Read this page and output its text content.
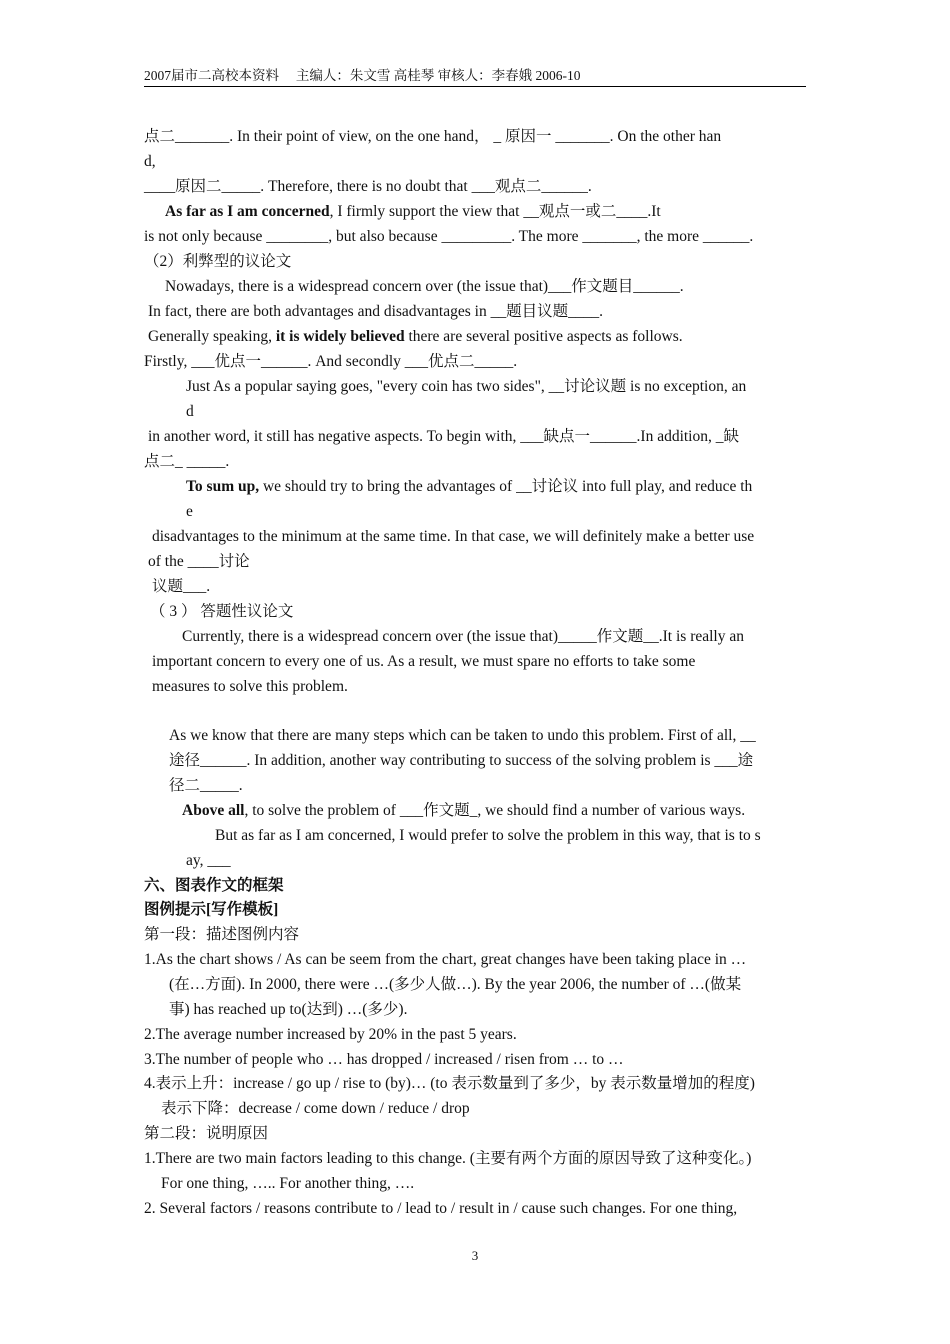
2007届市二高校本资料　 主编人：朱文雪 高桂琴 审核人：李春娥 2006-10
点二_______. In their point of view, on the one hand， _ 原因一 _______. On the other han
d,
____原因二_____. Therefore, there is no doubt that ___观点二______.
As far as I am concerned, I firmly support the view that __观点一或二____.It
is not only because ________, but also because _________. The more _______, the more ______.
（2）利弊型的议论文
Nowadays, there is a widespread concern over (the issue that)___作文题目______.
In fact, there are both advantages and disadvantages in __题目议题____.
Generally speaking, it is widely believed there are several positive aspects as follows.
Firstly, ___优点一______. And secondly ___优点二_____.
Just As a popular saying goes, "every coin has two sides", __讨论议题 is no exception, an
d
in another word, it still has negative aspects. To begin with, ___缺点一______.In addition, _缺
点二_ _____.
To sum up, we should try to bring the advantages of __讨论议 into full play, and reduce th
e
disadvantages to the minimum at the same time. In that case, we will definitely make a better use
of the ____讨论
议题___.
（ 3 ） 答题性议论文
Currently, there is a widespread concern over (the issue that)_____作文题__.It is really an
important concern to every one of us. As a result, we must spare no efforts to take some
measures to solve this problem.
As we know that there are many steps which can be taken to undo this problem. First of all, __
途径______. In addition, another way contributing to success of the solving problem is ___途
径二_____.
Above all, to solve the problem of ___作文题_, we should find a number of various ways.
But as far as I am concerned, I would prefer to solve the problem in this way, that is to s
ay, ___
六、图表作文的框架
图例提示[写作模板]
第一段：描述图例内容
1.As the chart shows / As can be seem from the chart, great changes have been taking place in …
(在…方面). In 2000, there were …(多少人做…). By the year 2006, the number of …(做某
事) has reached up to(达到) …(多少).
2.The average number increased by 20% in the past 5 years.
3.The number of people who … has dropped / increased / risen from … to …
4.表示上升：increase / go up / rise to (by)… (to 表示数量到了多少，by 表示数量增加的程度)
表示下降：decrease / come down / reduce / drop
第二段：说明原因
1.There are two main factors leading to this change. (主要有两个方面的原因导致了这种变化。)
For one thing, ….. For another thing, ….
2. Several factors / reasons contribute to / lead to / result in / cause such changes. For one thing,
3
